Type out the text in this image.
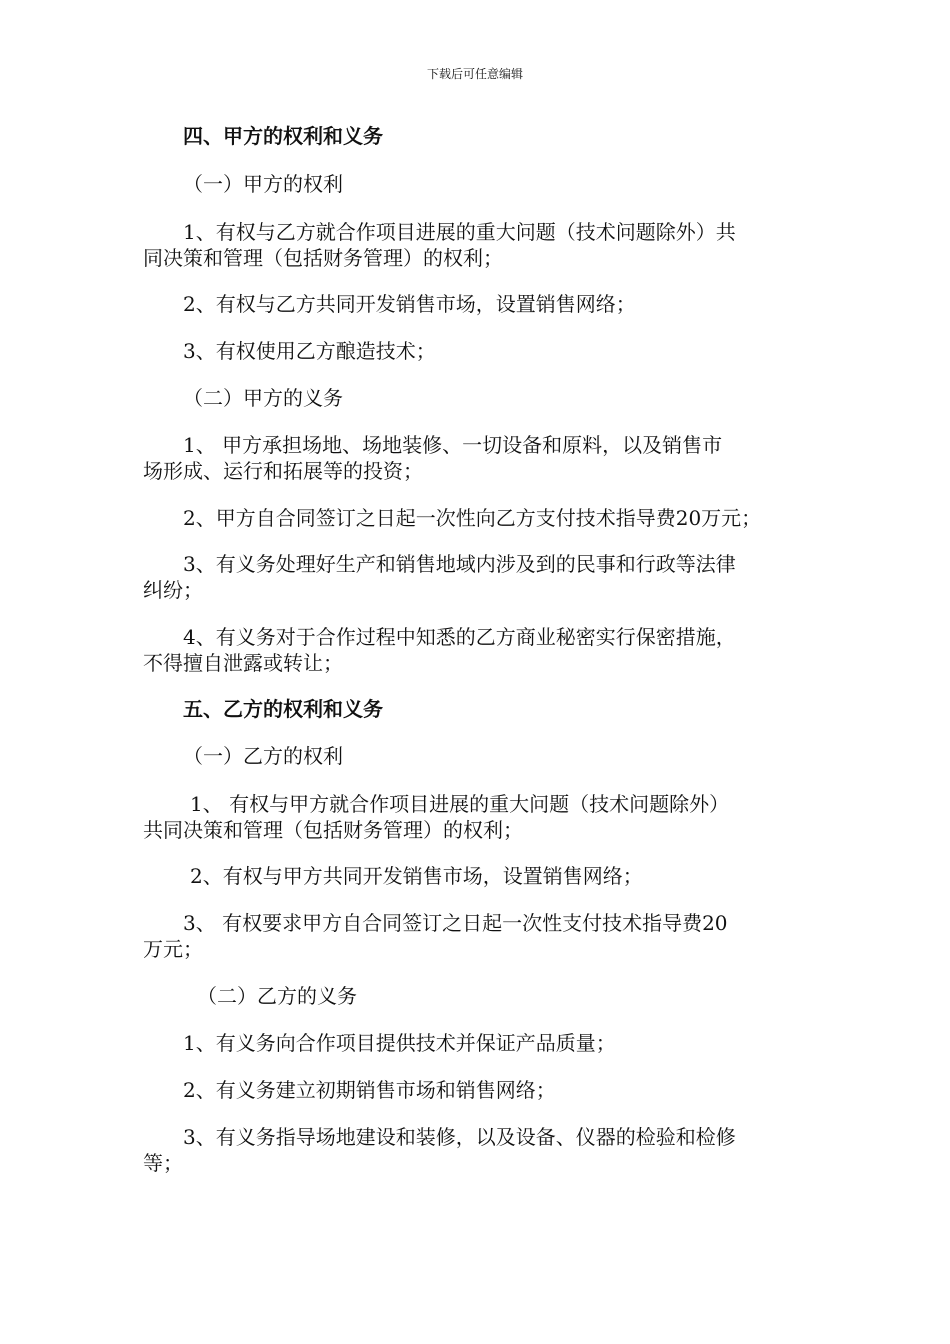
下载后可任意编辑
四、甲方的权利和义务
（一）甲方的权利
1、有权与乙方就合作项目进展的重大问题（技术问题除外）共
同决策和管理（包括财务管理）的权利；
2、有权与乙方共同开发销售市场，设置销售网络；
3、有权使用乙方酿造技术；
（二）甲方的义务
1、 甲方承担场地、场地装修、一切设备和原料，以及销售市
场形成、运行和拓展等的投资；
2、甲方自合同签订之日起一次性向乙方支付技术指导费20万元；
3、有义务处理好生产和销售地域内涉及到的民事和行政等法律
纠纷；
4、有义务对于合作过程中知悉的乙方商业秘密实行保密措施，
不得擅自泄露或转让；
五、乙方的权利和义务
（一）乙方的权利
1、 有权与甲方就合作项目进展的重大问题（技术问题除外）
共同决策和管理（包括财务管理）的权利；
2、有权与甲方共同开发销售市场，设置销售网络；
3、 有权要求甲方自合同签订之日起一次性支付技术指导费20
万元；
（二）乙方的义务
1、有义务向合作项目提供技术并保证产品质量；
2、有义务建立初期销售市场和销售网络；
3、有义务指导场地建设和装修，以及设备、仪器的检验和检修
等；
